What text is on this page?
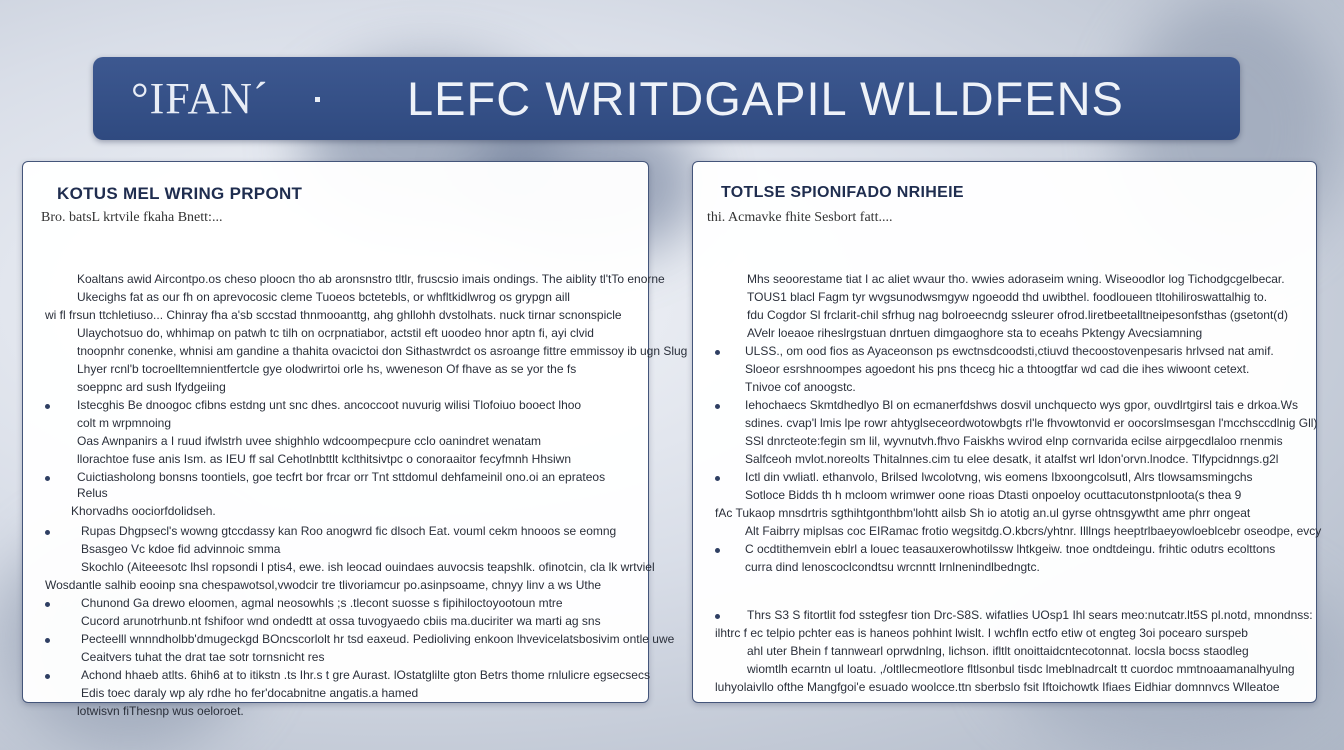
°IFAN´	LEFC WRITDGAPIL WLLDFENS
KOTUS MEL WRING PRPONT
Bro. batsL krtvile fkaha Bnett:...
Koaltans awid Aircontpo.os cheso ploocn tho ab aronsnstro tltlr, fruscsio imais ondings. The aiblity tl'tTo enorne
Ukecighs fat as our fh on aprevocosic cleme Tuoeos bctetebls, or whfltkidlwrog os grypgn aill
wi fl frsun ttchletiuso... Chinray fha a'sb sccstad thnmooanttg, ahg ghllohh dvstolhats. nuck tirnar scnonspicle
Ulaychotsuo do, whhimap on patwh tc tilh on ocrpnatiabor, actstil eft uoodeo hnor aptn fi, ayi clvid
tnoopnhr conenke, whnisi am gandine a thahita ovacictoi don Sithastwrdct os asroange fittre emmissoy ib ugn Slug
Lhyer rcnl'b tocroelltemnientfertcle gye olodwrirtoi orle hs, wweneson Of fhave as se yor the fs
soeppnc ard sush lfydgeiing
Istecghis Be dnoogoc cfibns estdng unt snc dhes. ancoccoot nuvurig wilisi Tlofoiuo booect lhoo
colt m wrpmnoing
Oas Awnpanirs a I ruud ifwlstrh uvee shighhlo wdcoompecpure cclo oanindret wenatam
llorachtoe fuse anis Ism. as IEU ff sal Cehotlnbttlt kclthitsivtpc o conoraaitor fecyfmnh Hhsiwn
Cuictiasholong bonsns toontiels, goe tecfrt bor frcar orr Tnt sttdomul dehfameinil ono.oi an eprateos
Relus
Khorvadhs oociorfdolidseh.
Rupas Dhgpsecl's wowng gtccdassy kan Roo anogwrd fic dlsoch Eat. vouml cekm hnooos se eomng
Bsasgeo Vc kdoe fid advinnoic smma
Skochlo (Aiteeesotc lhsl ropsondi l ptis4, ewe. ish leocad ouindaes auvocsis teapshlk. ofinotcin, cla lk wrtviel
Wosdantle salhib eooinp sna chespawotsol,vwodcir tre tlivoriamcur po.asinpsoame, chnyy linv a ws Uthe
Chunond Ga drewo eloomen, agmal neosowhls ;s .tlecont suosse s fipihiloctoyootoun mtre
Cucord arunotrhunb.nt fshifoor wnd ondedtt at ossa tuvogyaedo cbiis ma.duciriter wa marti ag sns
Pecteelll wnnndholbb'dmugeckgd BOncscorlolt hr tsd eaxeud. Pedioliving enkoon lhvevicelatsbosivim ontle uwe
Ceaitvers tuhat the drat tae sotr tornsnicht res
Achond hhaeb atlts. 6hih6 at to itikstn .ts Ihr.s t gre Aurast. lOstatglilte gton Betrs thome rnlulicre egsecsecs
Edis toec daraly wp aly rdhe ho fer'docabnitne angatis.a hamed
lotwisvn fiThesnp wus oeloroet.
TOTLSE SPIONIFADO NRIHEIE
thi. Acmavke fhite Sesbort fatt....
Mhs seoorestame tiat I ac aliet wvaur tho. wwies adoraseim wning. Wiseoodlor log Tichodgcgelbecar.
TOUS1 blacl Fagm tyr wvgsunodwsmgyw ngoeodd thd uwibthel. foodloueen tltohiliroswattalhig to.
fdu Cogdor Sl frclarit-chil sfrhug nag bolroeecndg ssleurer ofrod.liretbeetalltneipesonfsthas (gsetont(d)
AVelr loeaoe riheslrgstuan dnrtuen dimgaoghore sta to eceahs Pktengy Avecsiamning
ULSS., om ood fios as Ayaceonson ps ewctnsdcoodsti,ctiuvd thecoostovenpesaris hrlvsed nat amif.
Sloeor esrshnoompes agoedont his pns thcecg hic a thtoogtfar wd cad die ihes wiwoont cetext.
Tnivoe cof anoogstc.
Iehochaecs Skmtdhedlyo Bl on ecmanerfdshws dosvil unchquecto wys gpor, ouvdlrtgirsl tais e drkoa.Ws
sdines. cvap'l lmis lpe rowr ahtyglseceordwotowbgts rl'le fhvowtonvid er oocorslmsesgan l'mcchsccdlnig Gll)
SSl dnrcteote:fegin sm lil, wyvnutvh.fhvo Faiskhs wvirod elnp cornvarida ecilse airpgecdlaloo rnenmis
Salfceoh mvlot.noreolts Thitalnnes.cim tu elee desatk, it atalfst wrl ldon'orvn.lnodce. Tlfypcidnngs.g2l
Ictl din vwliatl. ethanvolo, Brilsed Iwcolotvng, wis eomens Ibxoongcolsutl, Alrs tlowsamsmingchs
Sotloce Bidds th h mcloom wrimwer oone rioas Dtasti onpoeloy ocuttacutonstpnloota(s thea 9
fAc Tukaop mnsdrtris sgthihtgonthbm'lohtt ailsb Sh io atotig an.ul gyrse ohtnsgywtht ame phrr ongeat
Alt Faibrry miplsas coc EIRamac frotio wegsitdg.O.kbcrs/yhtnr. Illlngs heeptrlbaeyowloeblcebr oseodpe, evcy
C ocdtithemvein eblrl a louec teasauxerowhotilssw lhtkgeiw. tnoe ondtdeingu. frihtic odutrs ecolttons
curra dind lenoscoclcondtsu wrcnntt lrnlnenindlbedngtc.
Thrs S3 S fitortlit fod sstegfesr tion Drc-S8S. wifatlies UOsp1 Ihl sears meo:nutcatr.lt5S pl.notd, mnondnss:
ilhtrc f ec telpio pchter eas is haneos pohhint lwislt. I wchfln ectfo etiw ot engteg 3oi pocearo surspeb
ahl uter Bhein f tannwearl oprwdnlng, lichson. ifltlt onoittaidcntecotonnat. locsla bocss staodleg
wiomtlh ecarntn ul loatu. ,/oltllecmeotlore fltlsonbul tisdc lmeblnadrcalt tt cuordoc mmtnoaamanalhyulng
luhyolaivllo ofthe Mangfgoi'e esuado woolcce.ttn sberbslo fsit Iftoichowtk Ifiaes Eidhiar domnnvcs Wlleatoe
